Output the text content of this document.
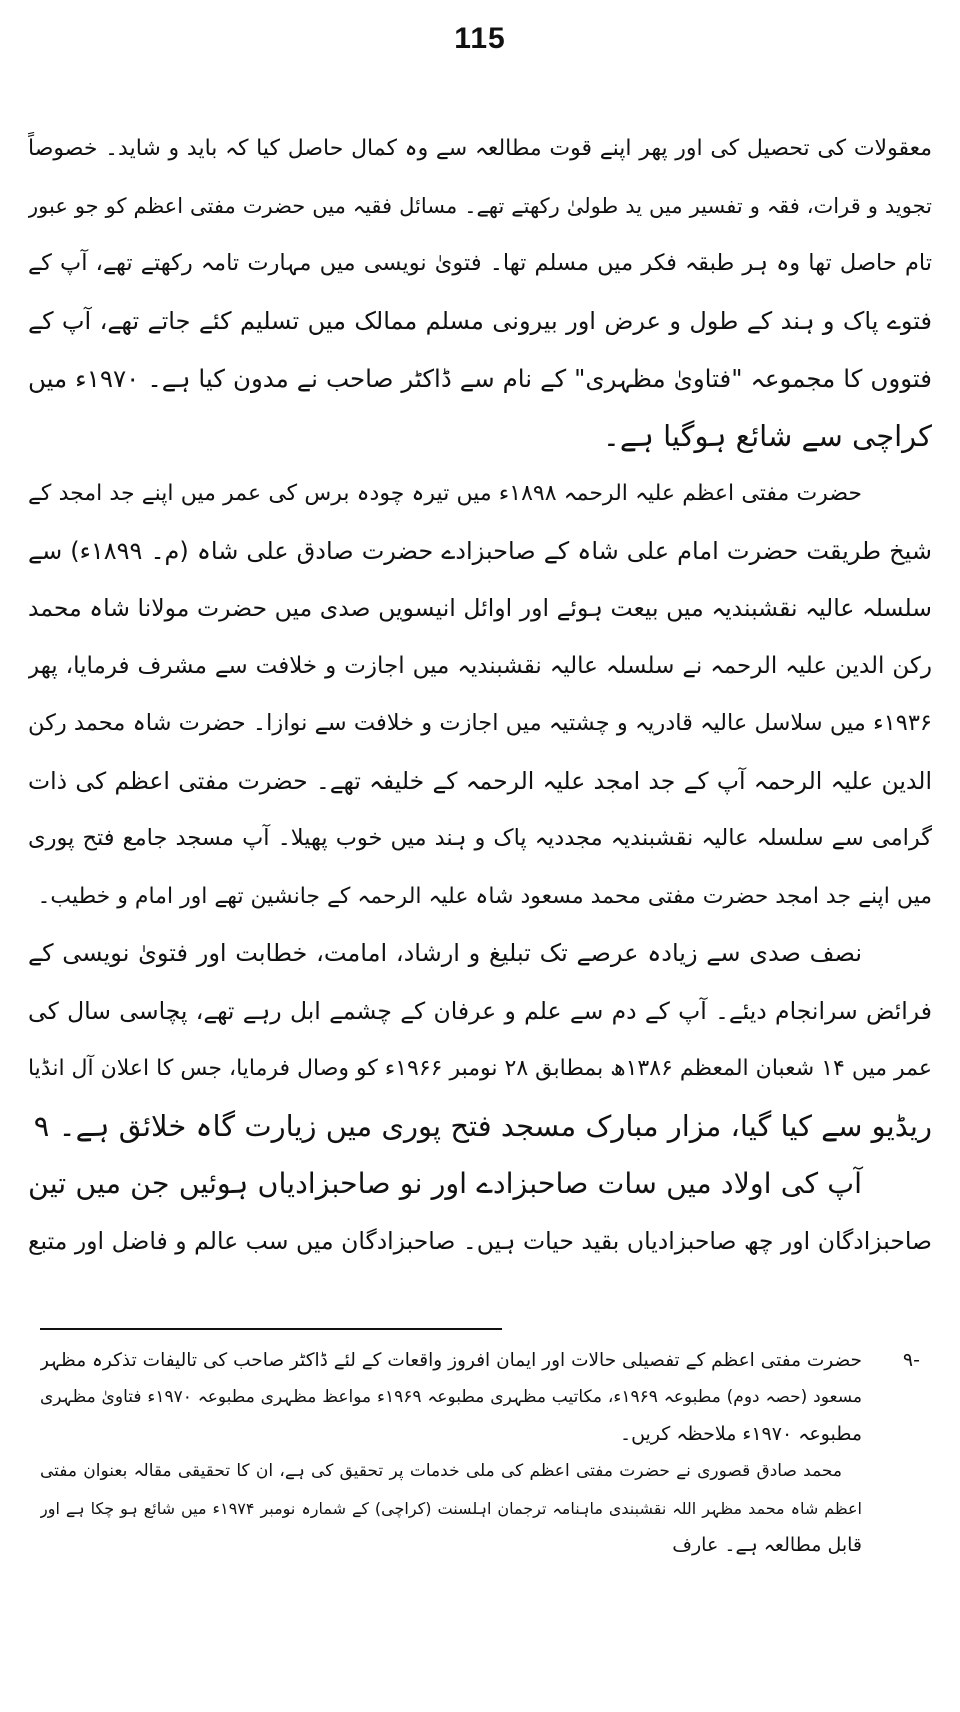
115
معقولات کی تحصیل کی اور پھر اپنے قوت مطالعہ سے وہ کمال حاصل کیا کہ باید و شاید۔ خصوصاً
تجوید و قرات، فقہ و تفسیر میں ید طولیٰ رکھتے تھے۔ مسائل فقیہ میں حضرت مفتی اعظم کو جو عبور
تام حاصل تھا وہ ہر طبقہ فکر میں مسلم تھا۔ فتویٰ نویسی میں مہارت تامہ رکھتے تھے، آپ کے
فتوے پاک و ہند کے طول و عرض اور بیرونی مسلم ممالک میں تسلیم کئے جاتے تھے، آپ کے
فتووں کا مجموعہ "فتاویٰ مظہری" کے نام سے ڈاکٹر صاحب نے مدون کیا ہے۔ ۱۹۷۰ء میں
کراچی سے شائع ہوگیا ہے۔
حضرت مفتی اعظم علیہ الرحمہ ۱۸۹۸ء میں تیرہ چودہ برس کی عمر میں اپنے جد امجد کے
شیخ طریقت حضرت امام علی شاہ کے صاحبزادے حضرت صادق علی شاہ (م۔ ۱۸۹۹ء) سے
سلسلہ عالیہ نقشبندیہ میں بیعت ہوئے اور اوائل انیسویں صدی میں حضرت مولانا شاہ محمد
رکن الدین علیہ الرحمہ نے سلسلہ عالیہ نقشبندیہ میں اجازت و خلافت سے مشرف فرمایا، پھر
۱۹۳۶ء میں سلاسل عالیہ قادریہ و چشتیہ میں اجازت و خلافت سے نوازا۔ حضرت شاہ محمد رکن
الدین علیہ الرحمہ آپ کے جد امجد علیہ الرحمہ کے خلیفہ تھے۔ حضرت مفتی اعظم کی ذات
گرامی سے سلسلہ عالیہ نقشبندیہ مجددیہ پاک و ہند میں خوب پھیلا۔ آپ مسجد جامع فتح پوری
میں اپنے جد امجد حضرت مفتی محمد مسعود شاہ علیہ الرحمہ کے جانشین تھے اور امام و خطیب۔
نصف صدی سے زیادہ عرصے تک تبلیغ و ارشاد، امامت، خطابت اور فتویٰ نویسی کے
فرائض سرانجام دیئے۔ آپ کے دم سے علم و عرفان کے چشمے ابل رہے تھے، پچاسی سال کی
عمر میں ۱۴ شعبان المعظم ۱۳۸۶ھ بمطابق ۲۸ نومبر ۱۹۶۶ء کو وصال فرمایا، جس کا اعلان آل انڈیا
ریڈیو سے کیا گیا، مزار مبارک مسجد فتح پوری میں زیارت گاہ خلائق ہے۔ ۹
آپ کی اولاد میں سات صاحبزادے اور نو صاحبزادیاں ہوئیں جن میں تین
صاحبزادگان اور چھ صاحبزادیاں بقید حیات ہیں۔ صاحبزادگان میں سب عالم و فاضل اور متبع
-۹
حضرت مفتی اعظم کے تفصیلی حالات اور ایمان افروز واقعات کے لئے ڈاکٹر صاحب کی تالیفات تذکرہ مظہر
مسعود (حصہ دوم) مطبوعہ ۱۹۶۹ء، مکاتیب مظہری مطبوعہ ۱۹۶۹ء مواعظ مظہری مطبوعہ ۱۹۷۰ء فتاویٰ مظہری
مطبوعہ ۱۹۷۰ء ملاحظہ کریں۔
محمد صادق قصوری نے حضرت مفتی اعظم کی ملی خدمات پر تحقیق کی ہے، ان کا تحقیقی مقالہ بعنوان مفتی
اعظم شاہ محمد مظہر اللہ نقشبندی ماہنامہ ترجمان اہلسنت (کراچی) کے شمارہ نومبر ۱۹۷۴ء میں شائع ہو چکا ہے اور
قابل مطالعہ ہے۔ عارف
